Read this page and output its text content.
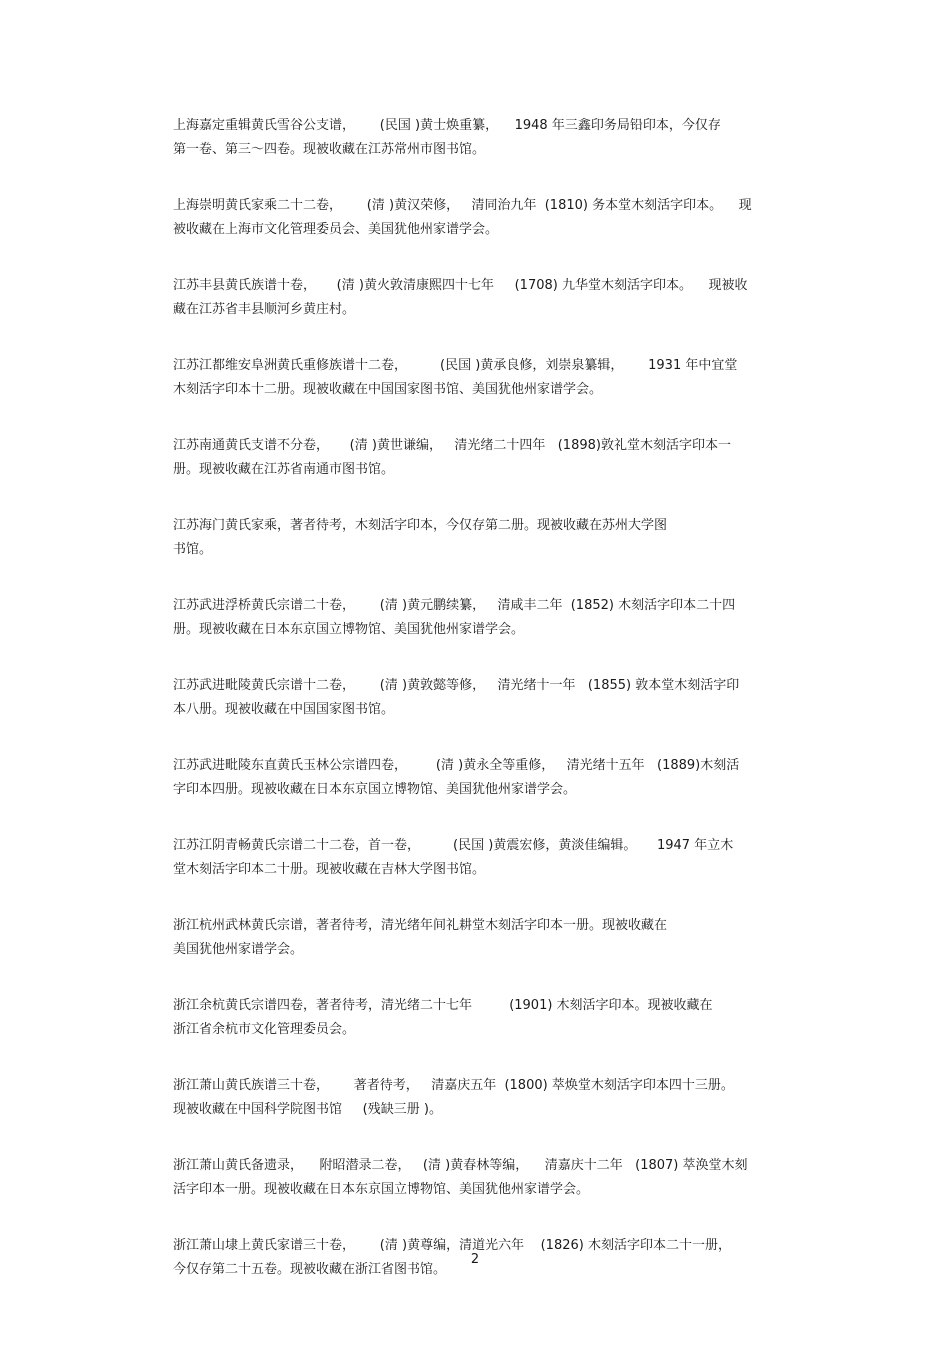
上海嘉定重辑黄氏雪谷公支谱，      (民国 )黄士焕重纂，    1948 年三鑫印务局铅印本，今仅存
第一卷、第三～四卷。现被收藏在江苏常州市图书馆。
上海崇明黄氏家乘二十二卷，      (清 )黄汉荣修，   清同治九年  (1810) 务本堂木刻活字印本。    现
被收藏在上海市文化管理委员会、美国犹他州家谱学会。
江苏丰县黄氏族谱十卷，     (清 )黄火敦清康熙四十七年     (1708) 九华堂木刻活字印本。    现被收
藏在江苏省丰县顺河乡黄庄村。
江苏江都维安阜洲黄氏重修族谱十二卷，        (民国 )黄承良修，刘崇泉纂辑，      1931 年中宜堂
木刻活字印本十二册。现被收藏在中国国家图书馆、美国犹他州家谱学会。
江苏南通黄氏支谱不分卷，     (清 )黄世谦编，   清光绪二十四年   (1898)敦礼堂木刻活字印本一
册。现被收藏在江苏省南通市图书馆。
江苏海门黄氏家乘，著者待考，木刻活字印本，今仅存第二册。现被收藏在苏州大学图
书馆。
江苏武进浮桥黄氏宗谱二十卷，      (清 )黄元鹏续纂，   清咸丰二年  (1852) 木刻活字印本二十四
册。现被收藏在日本东京国立博物馆、美国犹他州家谱学会。
江苏武进毗陵黄氏宗谱十二卷，      (清 )黄敦懿等修，   清光绪十一年   (1855) 敦本堂木刻活字印
本八册。现被收藏在中国国家图书馆。
江苏武进毗陵东直黄氏玉林公宗谱四卷，       (清 )黄永全等重修，   清光绪十五年   (1889)木刻活
字印本四册。现被收藏在日本东京国立博物馆、美国犹他州家谱学会。
江苏江阴青畅黄氏宗谱二十二卷，首一卷，        (民国 )黄震宏修，黄淡佳编辑。     1947 年立木
堂木刻活字印本二十册。现被收藏在吉林大学图书馆。
浙江杭州武林黄氏宗谱，著者待考，清光绪年间礼耕堂木刻活字印本一册。现被收藏在
美国犹他州家谱学会。
浙江余杭黄氏宗谱四卷，著者待考，清光绪二十七年         (1901) 木刻活字印本。现被收藏在
浙江省余杭市文化管理委员会。
浙江萧山黄氏族谱三十卷，      著者待考，   清嘉庆五年  (1800) 萃焕堂木刻活字印本四十三册。
现被收藏在中国科学院图书馆     (残缺三册 )。
浙江萧山黄氏备遗录，    附昭潜录二卷，   (清 )黄春林等编，    清嘉庆十二年   (1807) 萃涣堂木刻
活字印本一册。现被收藏在日本东京国立博物馆、美国犹他州家谱学会。
浙江萧山埭上黄氏家谱三十卷，      (清 )黄尊编，清道光六年    (1826) 木刻活字印本二十一册，
今仅存第二十五卷。现被收藏在浙江省图书馆。
2
